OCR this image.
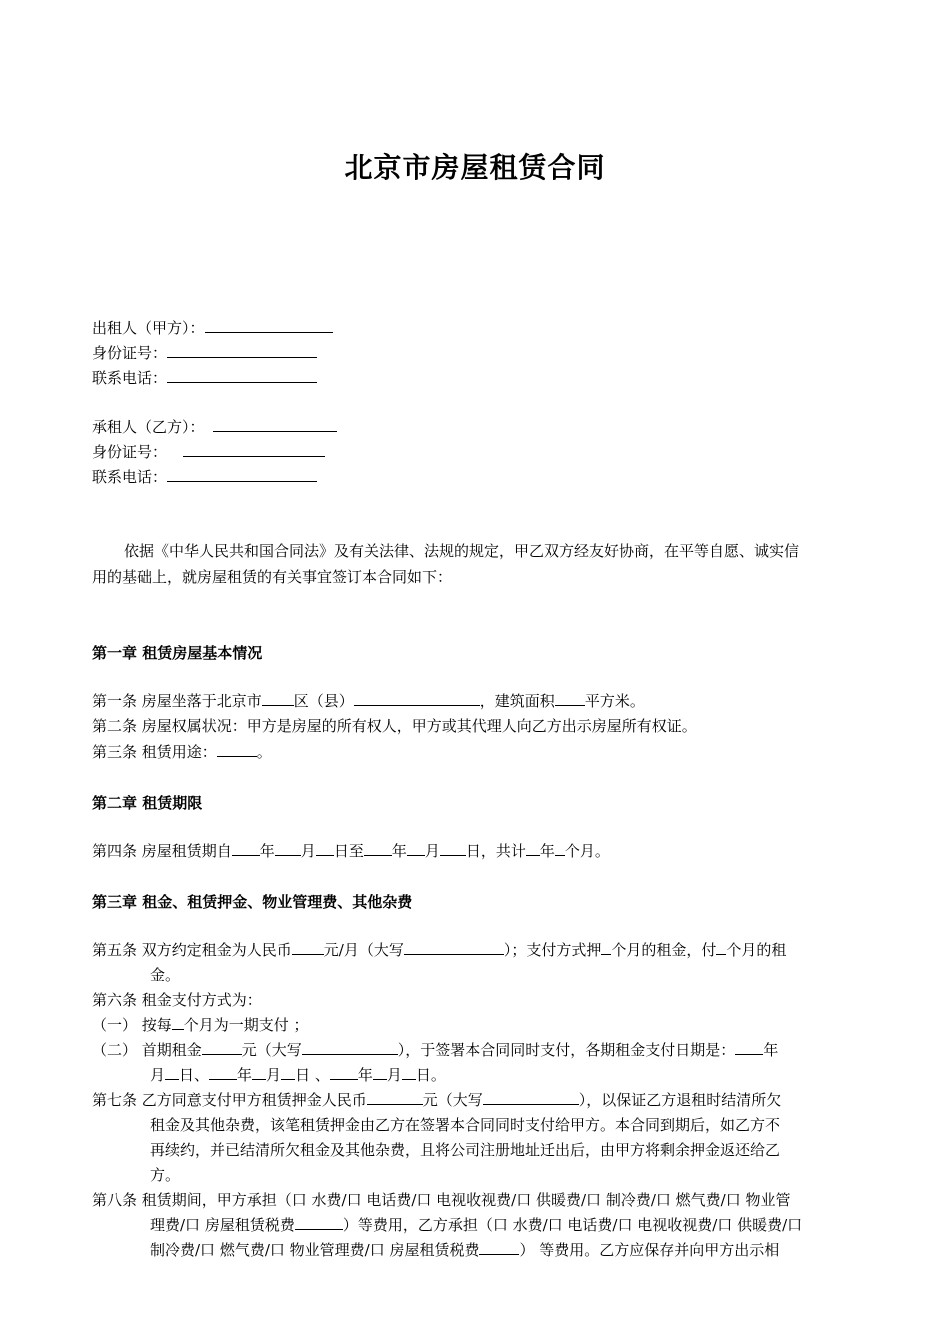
北京市房屋租赁合同
出租人（甲方）：
身份证号：
联系电话：
承租人（乙方）：
身份证号：
联系电话：
依据《中华人民共和国合同法》及有关法律、法规的规定，甲乙双方经友好协商，在平等自愿、诚实信
用的基础上，就房屋租赁的有关事宜签订本合同如下：
第一章 租赁房屋基本情况
第一条 房屋坐落于北京市 区（县）	，建筑面积 平方米。
第二条 房屋权属状况：甲方是房屋的所有权人，甲方或其代理人向乙方出示房屋所有权证。
第三条 租赁用途：	。
第二章 租赁期限
第四条 房屋租赁期自 年 月 日至 年 月 日，共计 年 个月。
第三章 租金、租赁押金、物业管理费、其他杂费
第五条 双方约定租金为人民币 元/月（大写	）；支付方式押 个月的租金，付 个月的租
金。
第六条 租金支付方式为：
（一） 按每 个月为一期支付 ；
（二） 首期租金	元（大写	），于签署本合同同时支付，各期租金支付日期是： 年
月 日、 年 月 日 、 年 月 日。
第七条 乙方同意支付甲方租赁押金人民币	元（大写	），以保证乙方退租时结清所欠
租金及其他杂费，该笔租赁押金由乙方在签署本合同同时支付给甲方。本合同到期后，如乙方不
再续约，并已结清所欠租金及其他杂费，且将公司注册地址迁出后，由甲方将剩余押金返还给乙
方。
第八条 租赁期间，甲方承担（口 水费/口 电话费/口 电视收视费/口 供暖费/口 制冷费/口 燃气费/口 物业管
理费/口 房屋租赁税费	）等费用，乙方承担（口 水费/口 电话费/口 电视收视费/口 供暖费/口
制冷费/口 燃气费/口 物业管理费/口 房屋租赁税费	） 等费用。乙方应保存并向甲方出示相
